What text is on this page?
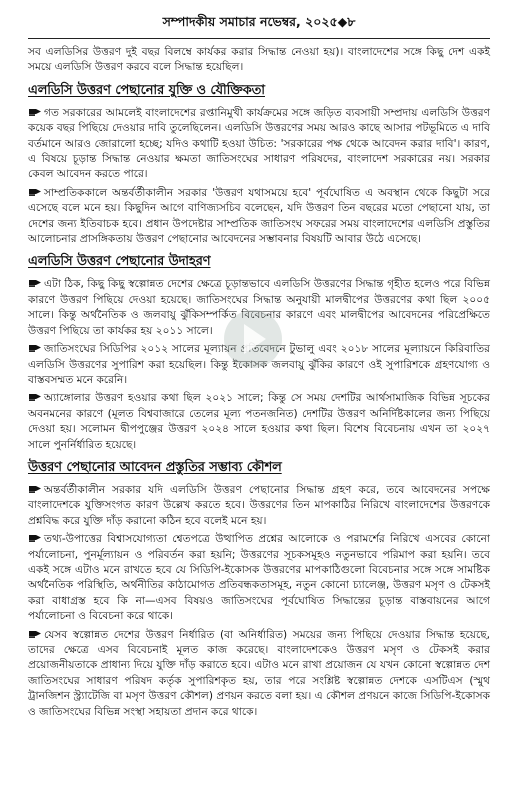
সম্পাদকীয় সমাচার নভেম্বর, ২০২৫◆৮

সব এলডিসির উত্তরণ দুই বছর বিলম্বে কার্যকর করার সিদ্ধান্ত নেওয়া হয়)। বাংলাদেশের সঙ্গে কিছু দেশ একই সময়ে এলডিসি উত্তরণ করবে বলে সিদ্ধান্ত হয়েছিল।

এলডিসি উত্তরণ পেছানোর যুক্তি ও যৌক্তিকতা

গত সরকারের আমলেই বাংলাদেশের রপ্তানিমুখী কার্যক্রমের সঙ্গে জড়িত ব্যবসায়ী সম্প্রদায় এলডিসি উত্তরণ কয়েক বছর পিছিয়ে দেওয়ার দাবি তুলেছিলেন। এলডিসি উত্তরণের সময় আরও কাছে আসার পটভূমিতে এ দাবি বর্তমানে আরও জোরালো হচ্ছে; যদিও কথাটি হওয়া উচিত: 'সরকারের পক্ষ থেকে আবেদন করার দাবি'। কারণ, এ বিষয়ে চূড়ান্ত সিদ্ধান্ত নেওয়ার ক্ষমতা জাতিসংঘের সাধারণ পরিষদের, বাংলাদেশ সরকারের নয়। সরকার কেবল আবেদন করতে পারে।

সাম্প্রতিককালে অন্তর্বর্তীকালীন সরকার 'উত্তরণ যথাসময়ে হবে' পূর্বঘোষিত এ অবস্থান থেকে কিছুটা সরে এসেছে বলে মনে হয়। কিছুদিন আগে বাণিজ্যসচিব বলেছেন, যদি উত্তরণ তিন বছরের মতো পেছানো যায়, তা দেশের জন্য ইতিবাচক হবে। প্রধান উপদেষ্টার সাম্প্রতিক জাতিসংঘ সফরের সময় বাংলাদেশের এলডিসি প্রস্তুতির আলোচনার প্রাসঙ্গিকতায় উত্তরণ পেছানোর আবেদনের সম্ভাবনার বিষয়টি আবার উঠে এসেছে।

এলডিসি উত্তরণ পেছানোর উদাহরণ

এটা ঠিক, কিছু কিছু স্বল্পোন্নত দেশের ক্ষেত্রে চূড়ান্তভাবে এলডিসি উত্তরণের সিদ্ধান্ত গৃহীত হলেও পরে বিভিন্ন কারণে উত্তরণ পিছিয়ে দেওয়া হয়েছে। জাতিসংঘের সিদ্ধান্ত অনুযায়ী মালদ্বীপের উত্তরণের কথা ছিল ২০০৫ সালে। কিন্তু অর্থনৈতিক ও জলবায়ু ঝুঁকিসম্পর্কিত বিবেচনার কারণে এবং মালদ্বীপের আবেদনের পরিপ্রেক্ষিতে উত্তরণ পিছিয়ে তা কার্যকর হয় ২০১১ সালে।

জাতিসংঘের সিডিপির ২০১২ সালের মূল্যায়ন প্রতিবেদনে টুভালু এবং ২০১৮ সালের মূল্যায়নে কিরিবাতির এলডিসি উত্তরণের সুপারিশ করা হয়েছিল। কিন্তু ইকোসক জলবায়ু ঝুঁকির কারণে ওই সুপারিশকে গ্রহণযোগ্য ও বাস্তবসম্মত মনে করেনি।

অ্যাঙ্গোলার উত্তরণ হওয়ার কথা ছিল ২০২১ সালে; কিন্তু সে সময় দেশটির আর্থসামাজিক বিভিন্ন সূচকের অবনমনের কারণে (মূলত বিশ্ববাজারে তেলের মূল্য পতনজনিত) দেশটির উত্তরণ অনির্দিষ্টকালের জন্য পিছিয়ে দেওয়া হয়। সলোমন দ্বীপপুঞ্জের উত্তরণ ২০২৪ সালে হওয়ার কথা ছিল। বিশেষ বিবেচনায় এখন তা ২০২৭ সালে পুনর্নির্ধারিত হয়েছে।

উত্তরণ পেছানোর আবেদন প্রস্তুতির সম্ভাব্য কৌশল

অন্তর্বর্তীকালীন সরকার যদি এলডিসি উত্তরণ পেছানোর সিদ্ধান্ত গ্রহণ করে, তবে আবেদনের সপক্ষে বাংলাদেশকে যুক্তিসংগত কারণ উল্লেখ করতে হবে। উত্তরণের তিন মাপকাঠির নিরিখে বাংলাদেশের উত্তরণকে প্রশ্নবিদ্ধ করে যুক্তি দাঁড় করানো কঠিন হবে বলেই মনে হয়।

তথ্য-উপাত্তের বিশ্বাসযোগ্যতা শ্বেতপত্রে উত্থাপিত প্রশ্নের আলোকে ও পরামর্শের নিরিখে এসবের কোনো পর্যালোচনা, পুনর্মূল্যায়ন ও পরিবর্তন করা হয়নি; উত্তরণের সূচকসমূহও নতুনভাবে পরিমাপ করা হয়নি। তবে একই সঙ্গে এটাও মনে রাখতে হবে যে সিডিপি-ইকোসক উত্তরণের মাপকাঠিগুলো বিবেচনার সঙ্গে সঙ্গে সামষ্টিক অর্থনৈতিক পরিস্থিতি, অর্থনীতির কাঠামোগত প্রতিবন্ধকতাসমূহ, নতুন কোনো চ্যালেঞ্জ, উত্তরণ মসৃণ ও টেকসই করা বাধাগ্রস্ত হবে কি না—এসব বিষয়ও জাতিসংঘের পূর্বঘোষিত সিদ্ধান্তের চূড়ান্ত বাস্তবায়নের আগে পর্যালোচনা ও বিবেচনা করে থাকে।

যেসব স্বল্পোন্নত দেশের উত্তরণ নির্ধারিত (বা অনির্ধারিত) সময়ের জন্য পিছিয়ে দেওয়ার সিদ্ধান্ত হয়েছে, তাদের ক্ষেত্রে এসব বিবেচনাই মূলত কাজ করেছে। বাংলাদেশকেও উত্তরণ মসৃণ ও টেকসই করার প্রয়োজনীয়তাকে প্রাধান্য দিয়ে যুক্তি দাঁড় করাতে হবে। এটাও মনে রাখা প্রয়োজন যে যখন কোনো স্বল্পোন্নত দেশ জাতিসংঘের সাধারণ পরিষদ কর্তৃক সুপারিশকৃত হয়, তার পরে সংশ্লিষ্ট স্বল্পোন্নত দেশকে এসটিএস (স্মুথ ট্রানজিশন স্ট্র্যাটেজি বা মসৃণ উত্তরণ কৌশল) প্রণয়ন করতে বলা হয়। এ কৌশল প্রণয়নে কাজে সিডিপি-ইকোসক ও জাতিসংঘের বিভিন্ন সংস্থা সহায়তা প্রদান করে থাকে।
